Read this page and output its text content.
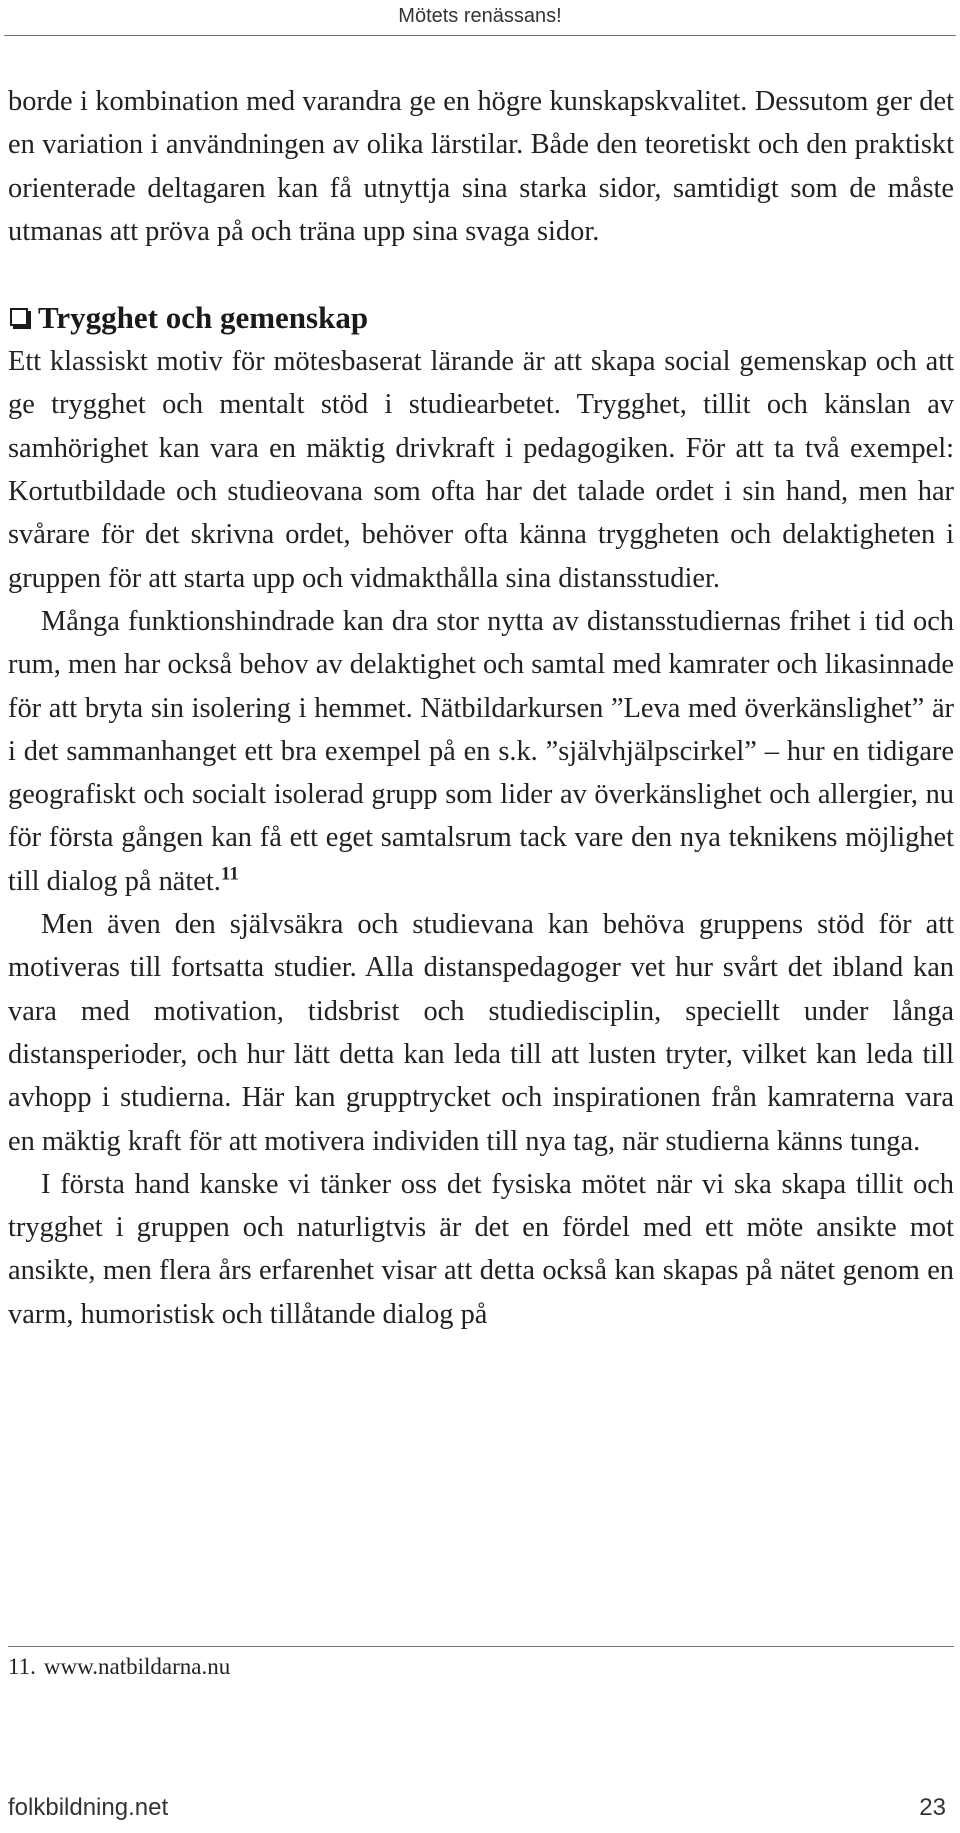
Mötets renässans!

borde i kombination med varandra ge en högre kunskapskvalitet. Dessutom ger det en variation i användningen av olika lärstilar. Både den teoretiskt och den praktiskt orienterade deltagaren kan få utnyttja sina starka sidor, samtidigt som de måste utmanas att pröva på och träna upp sina svaga sidor.

Trygghet och gemenskap

Ett klassiskt motiv för mötesbaserat lärande är att skapa social gemenskap och att ge trygghet och mentalt stöd i studiearbetet. Trygghet, tillit och känslan av samhörighet kan vara en mäktig drivkraft i pedagogiken. För att ta två exempel: Kortutbildade och studieovana som ofta har det talade ordet i sin hand, men har svårare för det skrivna ordet, behöver ofta känna tryggheten och delaktigheten i gruppen för att starta upp och vidmakthålla sina distansstudier.

Många funktionshindrade kan dra stor nytta av distansstudiernas frihet i tid och rum, men har också behov av delaktighet och samtal med kamrater och likasinnade för att bryta sin isolering i hemmet. Nätbildarkursen ”Leva med överkänslighet” är i det sammanhanget ett bra exempel på en s.k. ”självhjälpscirkel” – hur en tidigare geografiskt och socialt isolerad grupp som lider av överkänslighet och allergier, nu för första gången kan få ett eget samtalsrum tack vare den nya teknikens möjlighet till dialog på nätet.$^{11}$

Men även den självsäkra och studievana kan behöva gruppens stöd för att motiveras till fortsatta studier. Alla distanspedagoger vet hur svårt det ibland kan vara med motivation, tidsbrist och studiedisciplin, speciellt under långa distansperioder, och hur lätt detta kan leda till att lusten tryter, vilket kan leda till avhopp i studierna. Här kan grupptrycket och inspirationen från kamraterna vara en mäktig kraft för att motivera individen till nya tag, när studierna känns tunga.

I första hand kanske vi tänker oss det fysiska mötet när vi ska skapa tillit och trygghet i gruppen och naturligtvis är det en fördel med ett möte ansikte mot ansikte, men flera års erfarenhet visar att detta också kan skapas på nätet genom en varm, humoristisk och tillåtande dialog på

11. www.natbildarna.nu
folkbildning.net	23
